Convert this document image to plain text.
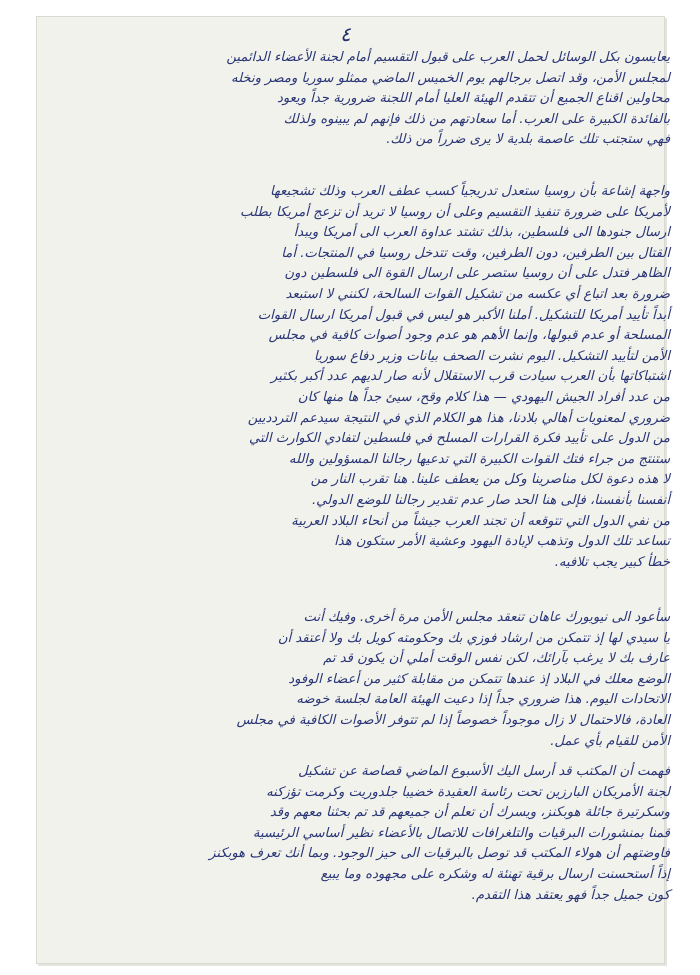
٤
يعايسون بكل الوسائل لحمل العرب على قبول التقسيم أمام لجنة الأعضاء الدائمين
لمجلس الأمن، وقد اتصل برجالهم يوم الخميس الماضي ممثلو سوريا ومصر ونخله
محاولين اقناع الجميع أن تتقدم الهيئة العليا أمام اللجنة ضرورية جداً ويعود
بالفائدة الكبيرة على العرب. أما سعادتهم من ذلك فإنهم لم يبينوه ولذلك
فهي ستجتب تلك عاصمة بلدية لا يرى ضرراً من ذلك.
واجهة إشاعة بأن روسيا ستعدل تدريجياً كسب عطف العرب وذلك تشجيعها
لأمريكا على ضرورة تنفيذ التقسيم وعلى أن روسيا لا تريد أن تزعج أمريكا بطلب
ارسال جنودها الى فلسطين، بذلك تشتد عداوة العرب الى أمريكا ويبدأ
القتال بين الطرفين، دون الطرفين، وقت تتدخل روسيا في المنتجات. أما
الظاهر فتدل على أن روسيا ستصر على ارسال القوة الى فلسطين دون
ضرورة بعد اتباع أي عكسه من تشكيل القوات السالحة، لكنني لا استبعد
أبداً تأييد أمريكا للتشكيل. أملنا الأكبر هو ليس في قبول أمريكا ارسال القوات
المسلحة أو عدم قبولها، وإنما الأهم هو عدم وجود أصوات كافية في مجلس
الأمن لتأييد التشكيل. اليوم نشرت الصحف بيانات وزير دفاع سوريا
اشتباكاتها بأن العرب سيادت قرب الاستقلال لأنه صار لديهم عدد أكبر بكثير
من عدد أفراد الجيش اليهودي — هذا كلام وقح، سيئ جداً ها منها كان
ضروري لمعنويات أهالي بلادنا، هذا هو الكلام الذي في النتيجة سيدعم التردديين
من الدول على تأييد فكرة القرارات المسلح في فلسطين لتفادي الكوارث التي
ستنتج من جراء فتك القوات الكبيرة التي تدعيها رجالنا المسؤولين والله
لا هذه دعوة لكل مناصرينا وكل من يعطف علينا. هنا تقرب النار من
أنفسنا بأنفسنا، فإلى هنا الحد صار عدم تقدير رجالنا للوضع الدولي.
من نفي الدول التي تتوقعه أن تجند العرب جيشاً من أنحاء البلاد العربية
تساعد تلك الدول وتذهب لإبادة اليهود وعشية الأمر ستكون هذا
خطأ كبير يجب تلافيه.
سأعود الى نيويورك عاهان تنعقد مجلس الأمن مرة أخرى. وفيك أنت
يا سيدي لها إذ تتمكن من ارشاد فوزي بك وحكومته كويل بك ولا أعتقد أن
عارف بك لا يرغب بآرائك، لكن نفس الوقت أملي أن يكون قد تم
الوضع معلك في البلاد إذ عندها تتمكن من مقابلة كثير من أعضاء الوفود
الاتحادات اليوم. هذا ضروري جداً إذا دعيت الهيئة العامة لجلسة خوضه
العادة، فالاحتمال لا زال موجوداً خصوصاً إذا لم تتوفر الأصوات الكافية في مجلس
الأمن للقيام بأي عمل.
فهمت أن المكتب قد أرسل اليك الأسبوع الماضي قصاصة عن تشكيل
لجنة الأمريكان البارزين تحت رئاسة العقيدة خضيبا جلدوريت وكرمت تؤزكنه
وسكرتيرة جائلة هوبكنز، ويسرك أن تعلم أن جميعهم قد تم بحثنا معهم وقد
قمنا بمنشورات البرقيات والتلغرافات للاتصال بالأعضاء نظير أساسي الرئيسية
فاوضتهم أن هولاء المكتب قد توصل بالبرقيات الى حيز الوجود. وبما أنك تعرف هوبكنز
إذاً أستحسنت ارسال برقية تهنئة له وشكره على مجهوده وما يبيع
كون جميل جداً فهو يعتقد هذا التقدم.
